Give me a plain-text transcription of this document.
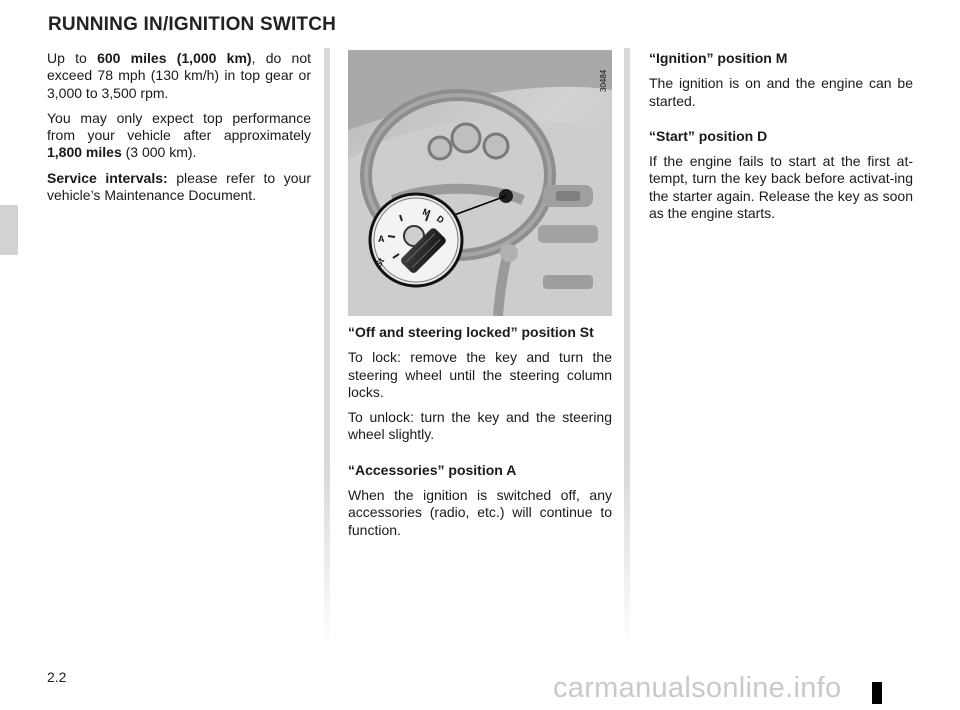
RUNNING IN/IGNITION SWITCH

Up to 600 miles (1,000 km), do not exceed 78 mph (130 km/h) in top gear or 3,000 to 3,500 rpm.

You may only expect top performance from your vehicle after approximately 1,800 miles (3 000 km).

Service intervals: please refer to your vehicle’s Maintenance Document.

M
D
A
St
30484
“Off and steering locked” position St

To lock: remove the key and turn the steering wheel until the steering column locks.

To unlock: turn the key and the steering wheel slightly.

“Accessories” position A

When the ignition is switched off, any accessories (radio, etc.) will continue to function.

“Ignition” position M

The ignition is on and the engine can be started.

“Start” position D

If the engine fails to start at the first at-tempt, turn the key back before activat-ing the starter again. Release the key as soon as the engine starts.

2.2	carmanualsonline.info
